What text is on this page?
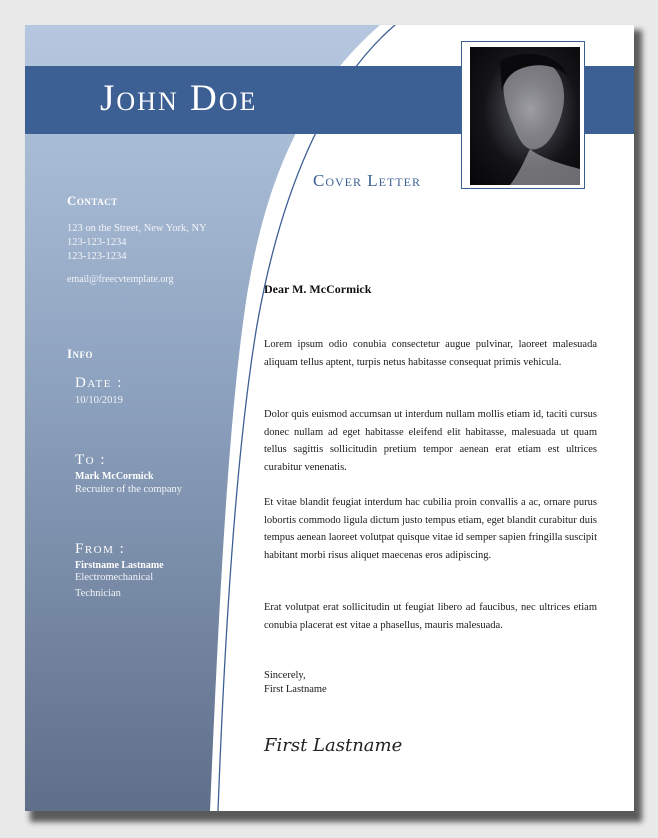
John Doe
Cover Letter
Contact
123 on the Street, New York, NY
123-123-1234
123-123-1234
email@freecvtemplate.org
Info
Date :
10/10/2019
To :
Mark McCormick
Recruiter of the company
From :
Firstname Lastname
Electromechanical
Technician
Dear M. McCormick

Lorem ipsum odio conubia consectetur augue pulvinar, laoreet malesuada aliquam tellus aptent, turpis netus habitasse consequat primis vehicula.

Dolor quis euismod accumsan ut interdum nullam mollis etiam id, taciti cursus donec nullam ad eget habitasse eleifend elit habitasse, malesuada ut quam tellus sagittis sollicitudin pretium tempor aenean erat etiam est ultrices curabitur venenatis.

Et vitae blandit feugiat interdum hac cubilia proin convallis a ac, ornare purus lobortis commodo ligula dictum justo tempus etiam, eget blandit curabitur duis tempus aenean laoreet volutpat quisque vitae id semper sapien fringilla suscipit habitant morbi risus aliquet maecenas eros adipiscing.

Erat volutpat erat sollicitudin ut feugiat libero ad faucibus, nec ultrices etiam conubia placerat est vitae a phasellus, mauris malesuada.

Sincerely,
First Lastname
First Lastname
